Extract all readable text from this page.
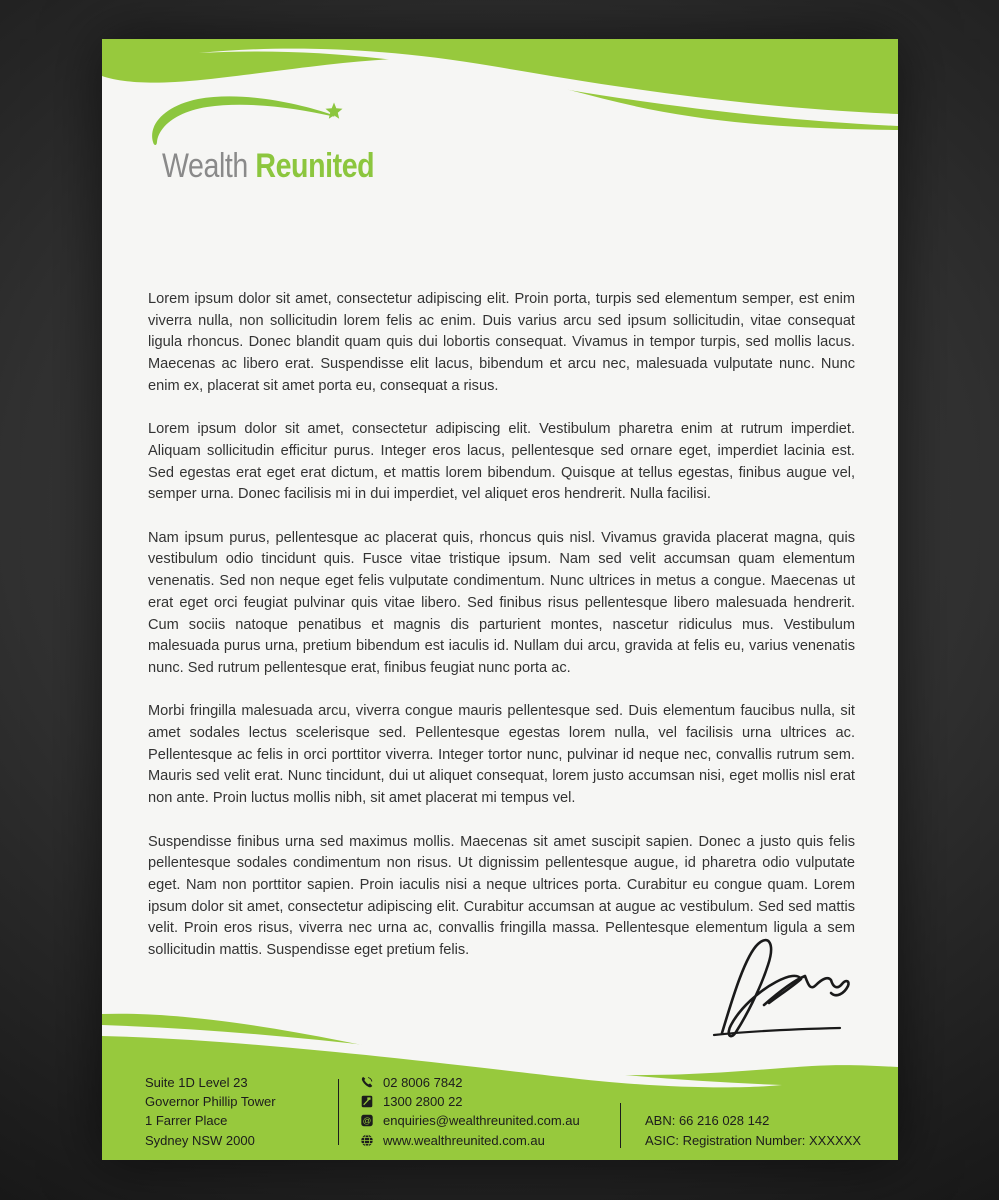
Wealth Reunited

Lorem ipsum dolor sit amet, consectetur adipiscing elit. Proin porta, turpis sed elementum semper, est enim viverra nulla, non sollicitudin lorem felis ac enim. Duis varius arcu sed ipsum sollicitudin, vitae consequat ligula rhoncus. Donec blandit quam quis dui lobortis consequat. Vivamus in tempor turpis, sed mollis lacus. Maecenas ac libero erat. Suspendisse elit lacus, bibendum et arcu nec, malesuada vulputate nunc. Nunc enim ex, placerat sit amet porta eu, consequat a risus.

Lorem ipsum dolor sit amet, consectetur adipiscing elit. Vestibulum pharetra enim at rutrum imperdiet. Aliquam sollicitudin efficitur purus. Integer eros lacus, pellentesque sed ornare eget, imperdiet lacinia est. Sed egestas erat eget erat dictum, et mattis lorem bibendum. Quisque at tellus egestas, finibus augue vel, semper urna. Donec facilisis mi in dui imperdiet, vel aliquet eros hendrerit. Nulla facilisi.

Nam ipsum purus, pellentesque ac placerat quis, rhoncus quis nisl. Vivamus gravida placerat magna, quis vestibulum odio tincidunt quis. Fusce vitae tristique ipsum. Nam sed velit accumsan quam elementum venenatis. Sed non neque eget felis vulputate condimentum. Nunc ultrices in metus a congue. Maecenas ut erat eget orci feugiat pulvinar quis vitae libero. Sed finibus risus pellentesque libero malesuada hendrerit. Cum sociis natoque penatibus et magnis dis parturient montes, nascetur ridiculus mus. Vestibulum malesuada purus urna, pretium bibendum est iaculis id. Nullam dui arcu, gravida at felis eu, varius venenatis nunc. Sed rutrum pellentesque erat, finibus feugiat nunc porta ac.

Morbi fringilla malesuada arcu, viverra congue mauris pellentesque sed. Duis elementum faucibus nulla, sit amet sodales lectus scelerisque sed. Pellentesque egestas lorem nulla, vel facilisis urna ultrices ac. Pellentesque ac felis in orci porttitor viverra. Integer tortor nunc, pulvinar id neque nec, convallis rutrum sem. Mauris sed velit erat. Nunc tincidunt, dui ut aliquet consequat, lorem justo accumsan nisi, eget mollis nisl erat non ante. Proin luctus mollis nibh, sit amet placerat mi tempus vel.

Suspendisse finibus urna sed maximus mollis. Maecenas sit amet suscipit sapien. Donec a justo quis felis pellentesque sodales condimentum non risus. Ut dignissim pellentesque augue, id pharetra odio vulputate eget. Nam non porttitor sapien. Proin iaculis nisi a neque ultrices porta. Curabitur eu congue quam. Lorem ipsum dolor sit amet, consectetur adipiscing elit. Curabitur accumsan at augue ac vestibulum. Sed sed mattis velit. Proin eros risus, viverra nec urna ac, convallis fringilla massa. Pellentesque elementum ligula a sem sollicitudin mattis. Suspendisse eget pretium felis.

Suite 1D Level 23
Governor Phillip Tower
1 Farrer Place
Sydney NSW 2000
02 8006 7842
1300 2800 22
@ enquiries@wealthreunited.com.au
www.wealthreunited.com.au
ABN: 66 216 028 142
ASIC: Registration Number: XXXXXX
